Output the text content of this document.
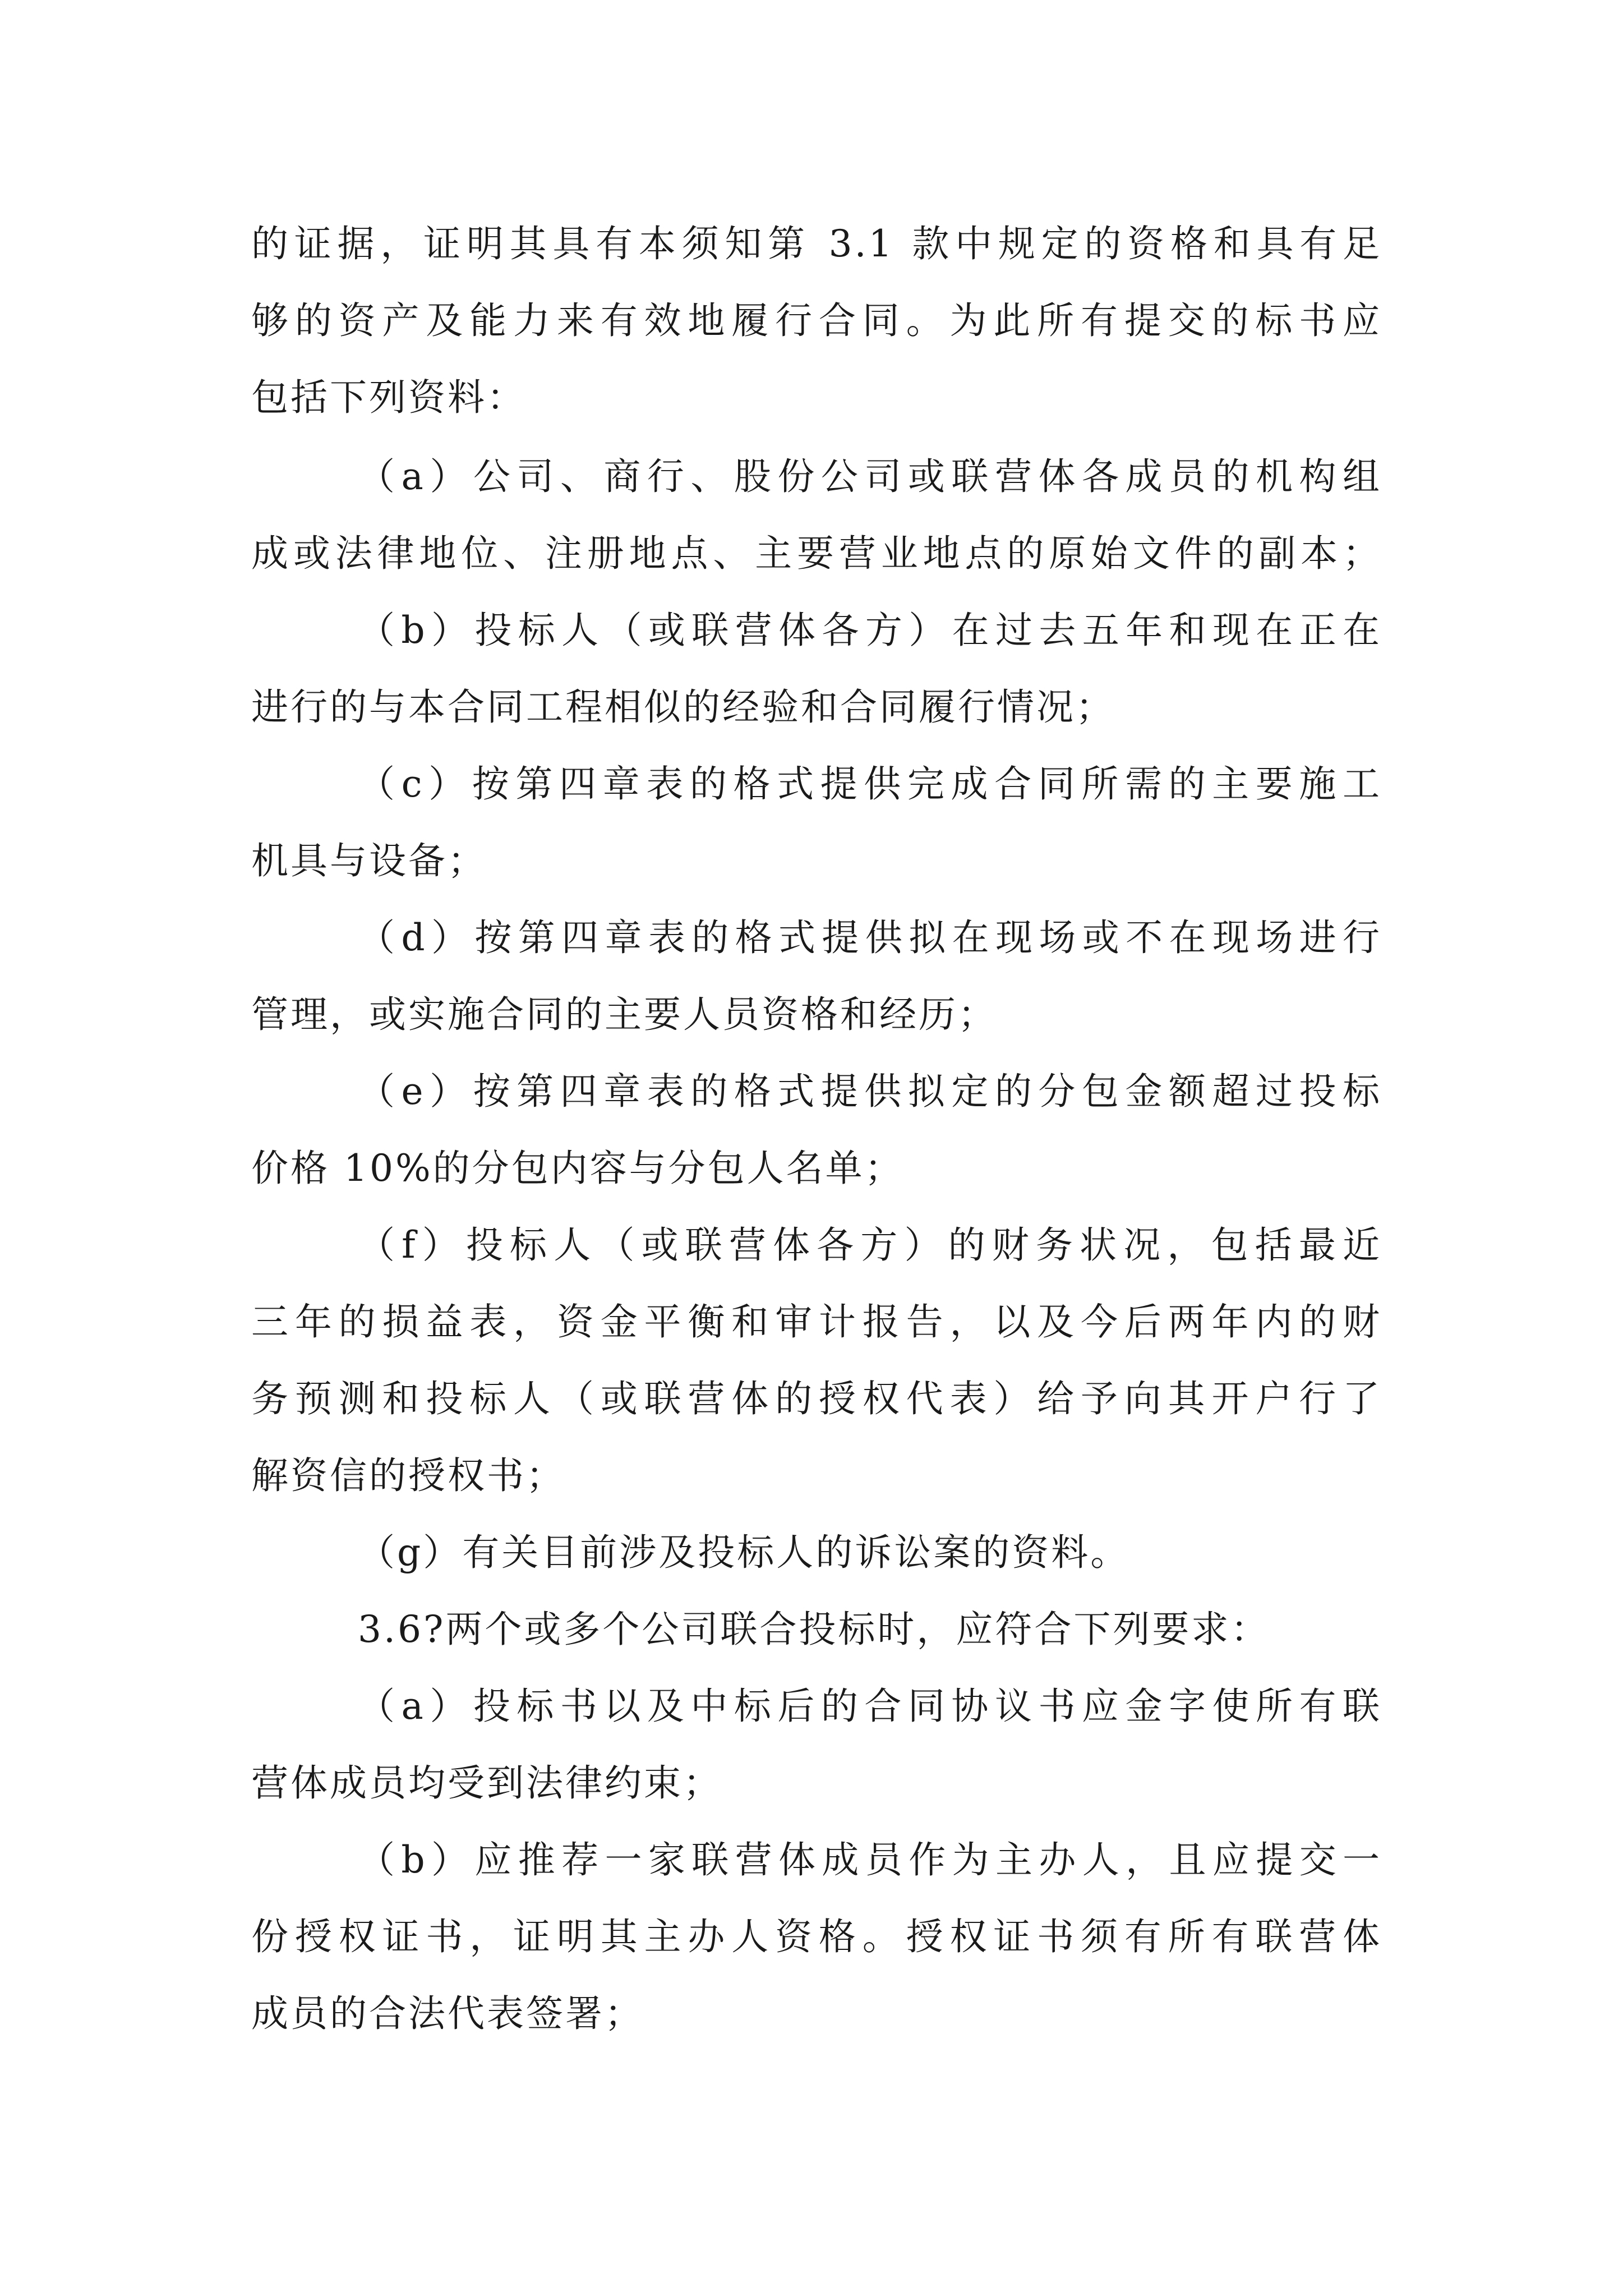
的证据，证明其具有本须知第 3.1 款中规定的资格和具有足
够的资产及能力来有效地履行合同。为此所有提交的标书应
包括下列资料：
（a）公司、商行、股份公司或联营体各成员的机构组
成或法律地位、注册地点、主要营业地点的原始文件的副本；
（b）投标人（或联营体各方）在过去五年和现在正在
进行的与本合同工程相似的经验和合同履行情况；
（c）按第四章表的格式提供完成合同所需的主要施工
机具与设备；
（d）按第四章表的格式提供拟在现场或不在现场进行
管理，或实施合同的主要人员资格和经历；
（e）按第四章表的格式提供拟定的分包金额超过投标
价格 10%的分包内容与分包人名单；
（f）投标人（或联营体各方）的财务状况，包括最近
三年的损益表，资金平衡和审计报告，以及今后两年内的财
务预测和投标人（或联营体的授权代表）给予向其开户行了
解资信的授权书；
（g）有关目前涉及投标人的诉讼案的资料。
3.6?两个或多个公司联合投标时，应符合下列要求：
（a）投标书以及中标后的合同协议书应金字使所有联
营体成员均受到法律约束；
（b）应推荐一家联营体成员作为主办人，且应提交一
份授权证书，证明其主办人资格。授权证书须有所有联营体
成员的合法代表签署；
